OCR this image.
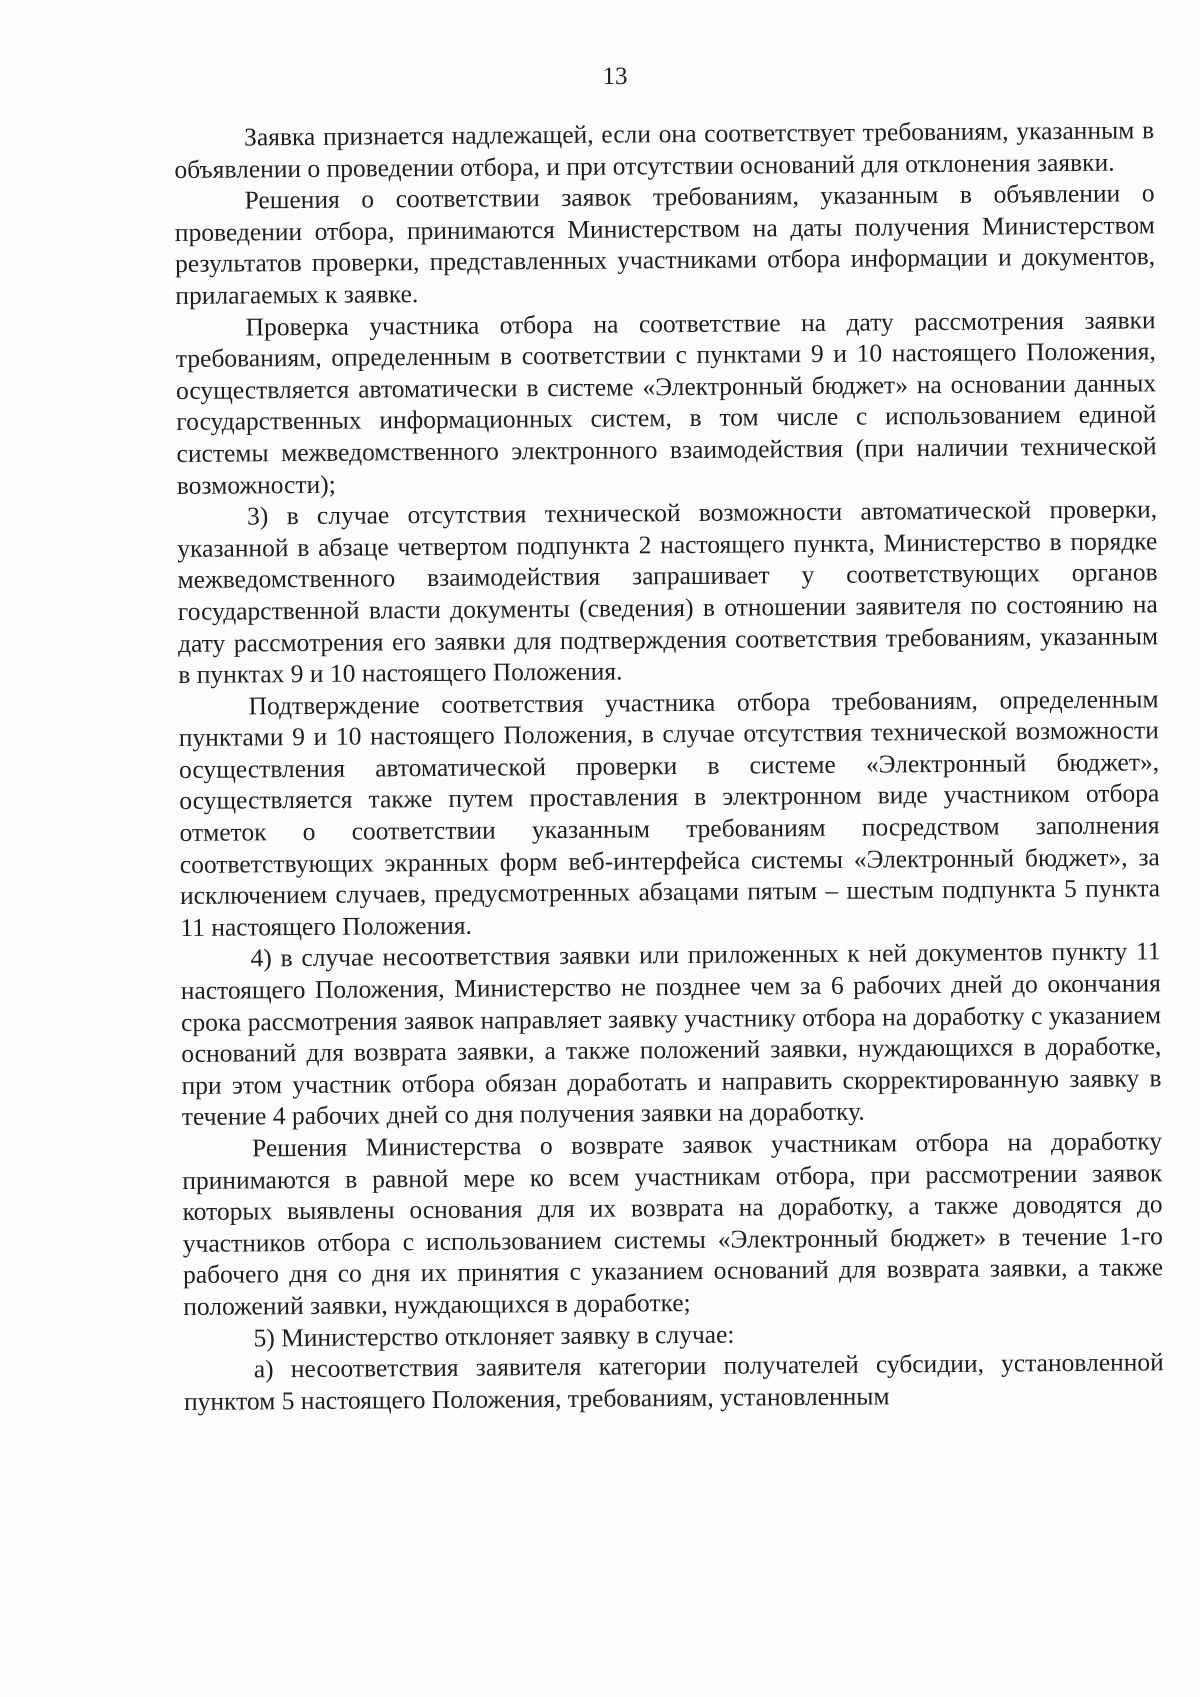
13

Заявка признается надлежащей, если она соответствует требованиям, указанным в объявлении о проведении отбора, и при отсутствии оснований для отклонения заявки.

Решения о соответствии заявок требованиям, указанным в объявлении о проведении отбора, принимаются Министерством на даты получения Министерством результатов проверки, представленных участниками отбора информации и документов, прилагаемых к заявке.

Проверка участника отбора на соответствие на дату рассмотрения заявки требованиям, определенным в соответствии с пунктами 9 и 10 настоящего Положения, осуществляется автоматически в системе «Электронный бюджет» на основании данных государственных информационных систем, в том числе с использованием единой системы межведомственного электронного взаимодействия (при наличии технической возможности);

3) в случае отсутствия технической возможности автоматической проверки, указанной в абзаце четвертом подпункта 2 настоящего пункта, Министерство в порядке межведомственного взаимодействия запрашивает у соответствующих органов государственной власти документы (сведения) в отношении заявителя по состоянию на дату рассмотрения его заявки для подтверждения соответствия требованиям, указанным в пунктах 9 и 10 настоящего Положения.

Подтверждение соответствия участника отбора требованиям, определенным пунктами 9 и 10 настоящего Положения, в случае отсутствия технической возможности осуществления автоматической проверки в системе «Электронный бюджет», осуществляется также путем проставления в электронном виде участником отбора отметок о соответствии указанным требованиям посредством заполнения соответствующих экранных форм веб-интерфейса системы «Электронный бюджет», за исключением случаев, предусмотренных абзацами пятым – шестым подпункта 5 пункта 11 настоящего Положения.

4) в случае несоответствия заявки или приложенных к ней документов пункту 11 настоящего Положения, Министерство не позднее чем за 6 рабочих дней до окончания срока рассмотрения заявок направляет заявку участнику отбора на доработку с указанием оснований для возврата заявки, а также положений заявки, нуждающихся в доработке, при этом участник отбора обязан доработать и направить скорректированную заявку в течение 4 рабочих дней со дня получения заявки на доработку.

Решения Министерства о возврате заявок участникам отбора на доработку принимаются в равной мере ко всем участникам отбора, при рассмотрении заявок которых выявлены основания для их возврата на доработку, а также доводятся до участников отбора с использованием системы «Электронный бюджет» в течение 1-го рабочего дня со дня их принятия с указанием оснований для возврата заявки, а также положений заявки, нуждающихся в доработке;

5) Министерство отклоняет заявку в случае:

а) несоответствия заявителя категории получателей субсидии, установленной пунктом 5 настоящего Положения, требованиям, установленным
